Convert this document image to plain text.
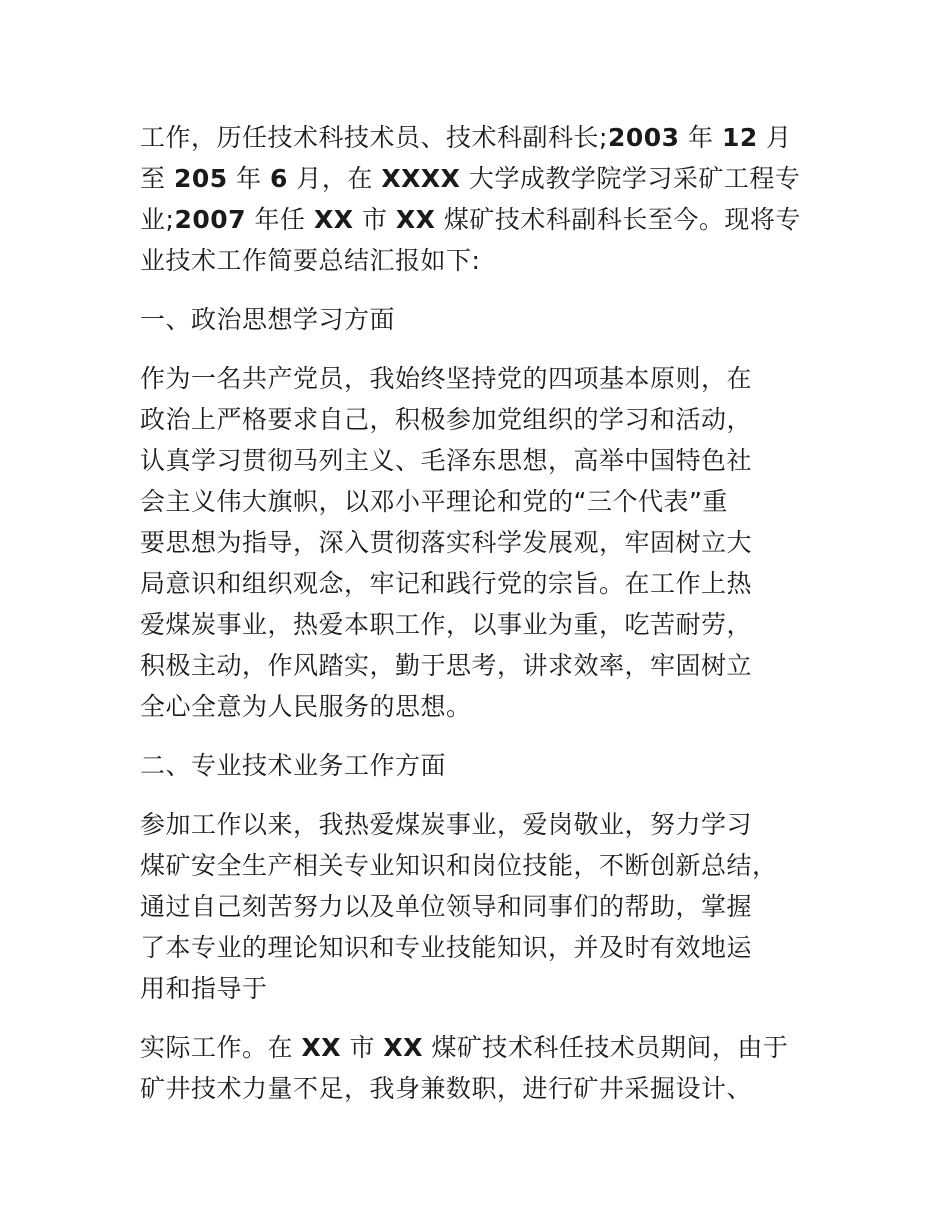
工作，历任技术科技术员、技术科副科长;2003 年 12 月
至 205 年 6 月，在 XXXX 大学成教学院学习采矿工程专
业;2007 年任 XX 市 XX 煤矿技术科副科长至今。现将专
业技术工作简要总结汇报如下:

一、政治思想学习方面

作为一名共产党员，我始终坚持党的四项基本原则，在
政治上严格要求自己，积极参加党组织的学习和活动，
认真学习贯彻马列主义、毛泽东思想，高举中国特色社
会主义伟大旗帜，以邓小平理论和党的“三个代表”重
要思想为指导，深入贯彻落实科学发展观，牢固树立大
局意识和组织观念，牢记和践行党的宗旨。在工作上热
爱煤炭事业，热爱本职工作，以事业为重，吃苦耐劳，
积极主动，作风踏实，勤于思考，讲求效率，牢固树立
全心全意为人民服务的思想。

二、专业技术业务工作方面

参加工作以来，我热爱煤炭事业，爱岗敬业，努力学习
煤矿安全生产相关专业知识和岗位技能，不断创新总结，
通过自己刻苦努力以及单位领导和同事们的帮助，掌握
了本专业的理论知识和专业技能知识，并及时有效地运
用和指导于

实际工作。在 XX 市 XX 煤矿技术科任技术员期间，由于
矿井技术力量不足，我身兼数职，进行矿井采掘设计、
